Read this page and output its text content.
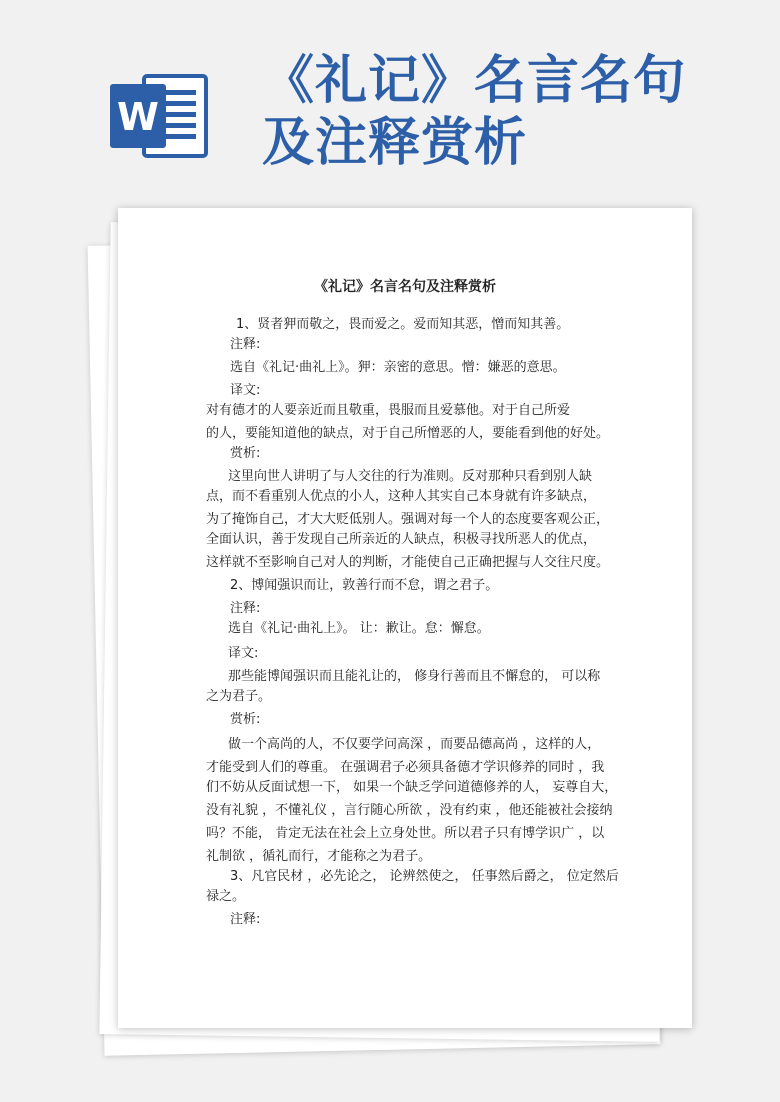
W
《礼记》名言名句
及注释赏析
《礼记》名言名句及注释赏析
1、贤者狎而敬之，畏而爱之。爱而知其恶，憎而知其善。
注释:
选自《礼记·曲礼上》。狎：亲密的意思。憎：嫌恶的意思。
译文:
对有德才的人要亲近而且敬重，畏服而且爱慕他。对于自己所爱
的人，要能知道他的缺点，对于自己所憎恶的人，要能看到他的好处。
赏析:
这里向世人讲明了与人交往的行为准则。反对那种只看到别人缺
点，而不看重别人优点的小人，这种人其实自己本身就有许多缺点，
为了掩饰自己，才大大贬低别人。强调对每一个人的态度要客观公正，
全面认识，善于发现自己所亲近的人缺点，积极寻找所恶人的优点，
这样就不至影响自己对人的判断，才能使自己正确把握与人交往尺度。
2、博闻强识而让，敦善行而不怠，谓之君子。
注释:
选自《礼记·曲礼上》。 让：歉让。怠：懈怠。
译文:
那些能博闻强识而且能礼让的， 修身行善而且不懈怠的， 可以称
之为君子。
赏析:
做一个高尚的人，不仅要学问高深 ，而要品德高尚 ，这样的人，
才能受到人们的尊重。 在强调君子必须具备德才学识修养的同时 ，我
们不妨从反面试想一下， 如果一个缺乏学问道德修养的人， 妄尊自大，
没有礼貌 ，不懂礼仪 ，言行随心所欲 ，没有约束 ，他还能被社会接纳
吗？不能， 肯定无法在社会上立身处世。所以君子只有博学识广 ，以
礼制欲 ，循礼而行，才能称之为君子。
3、凡官民材 ，必先论之， 论辨然使之， 任事然后爵之， 位定然后
禄之。
注释:
